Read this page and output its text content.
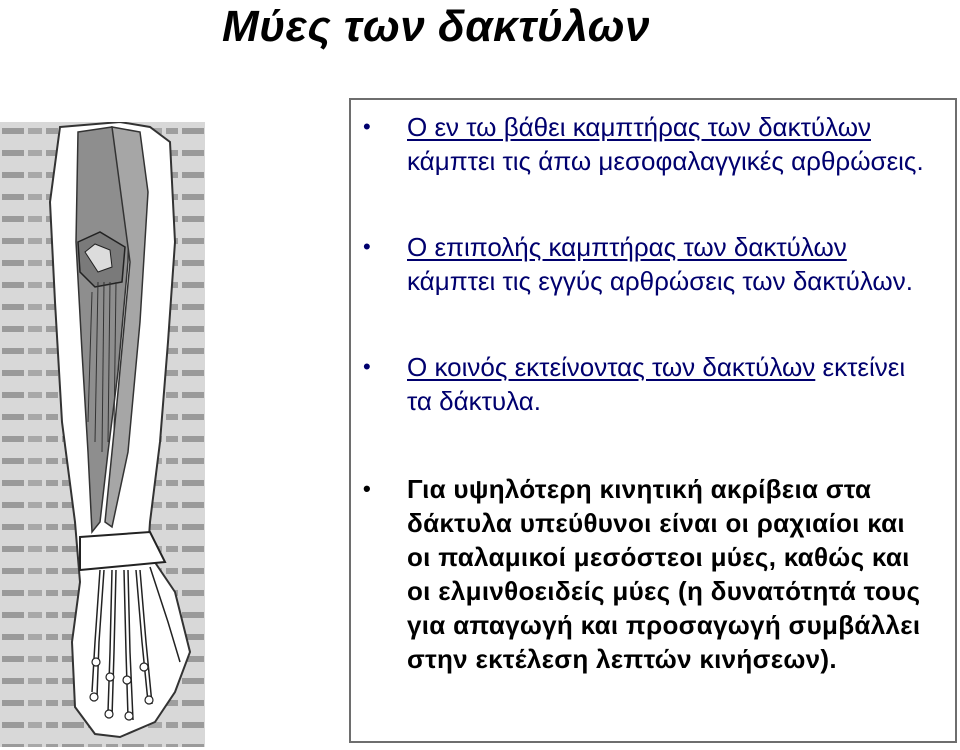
Μύες των δακτύλων
• Ο εν τω βάθει καμπτήρας των δακτύλων κάμπτει τις άπω μεσοφαλαγγικές αρθρώσεις.
• Ο επιπολής καμπτήρας των δακτύλων κάμπτει τις εγγύς αρθρώσεις των δακτύλων.
• Ο κοινός εκτείνοντας των δακτύλων εκτείνει τα δάκτυλα.
• Για υψηλότερη κινητική ακρίβεια στα δάκτυλα υπεύθυνοι είναι οι ραχιαίοι και οι παλαμικοί μεσόστεοι μύες, καθώς και οι ελμινθοειδείς μύες (η δυνατότητά τους για απαγωγή και προσαγωγή συμβάλλει στην εκτέλεση λεπτών κινήσεων).
